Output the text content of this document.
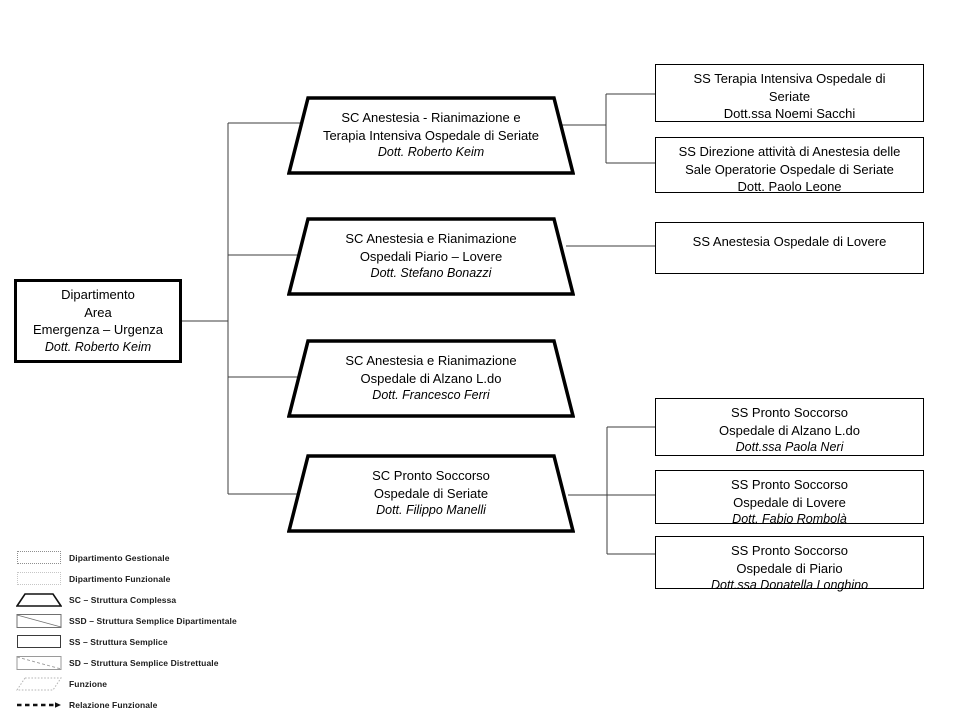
Dipartimento
Area
Emergenza – Urgenza
Dott. Roberto Keim
SC Anestesia - Rianimazione e
Terapia Intensiva Ospedale di Seriate
Dott. Roberto Keim
SC Anestesia e Rianimazione
Ospedali Piario – Lovere
Dott. Stefano Bonazzi
SC Anestesia e Rianimazione
Ospedale di Alzano L.do
Dott. Francesco Ferri
SC Pronto Soccorso
Ospedale di Seriate
Dott. Filippo Manelli
SS Terapia Intensiva Ospedale di
Seriate
Dott.ssa Noemi Sacchi
SS Direzione attività di Anestesia delle
Sale Operatorie Ospedale di Seriate
Dott. Paolo Leone
SS Anestesia Ospedale di Lovere
SS Pronto Soccorso
Ospedale di Alzano L.do
Dott.ssa Paola Neri
SS Pronto Soccorso
Ospedale di Lovere
Dott. Fabio Rombolà
SS Pronto Soccorso
Ospedale di Piario
Dott.ssa Donatella Longhino
Dipartimento Gestionale
Dipartimento Funzionale
SC – Struttura Complessa
SSD – Struttura Semplice Dipartimentale
SS – Struttura Semplice
SD – Struttura Semplice Distrettuale
Funzione
Relazione Funzionale
